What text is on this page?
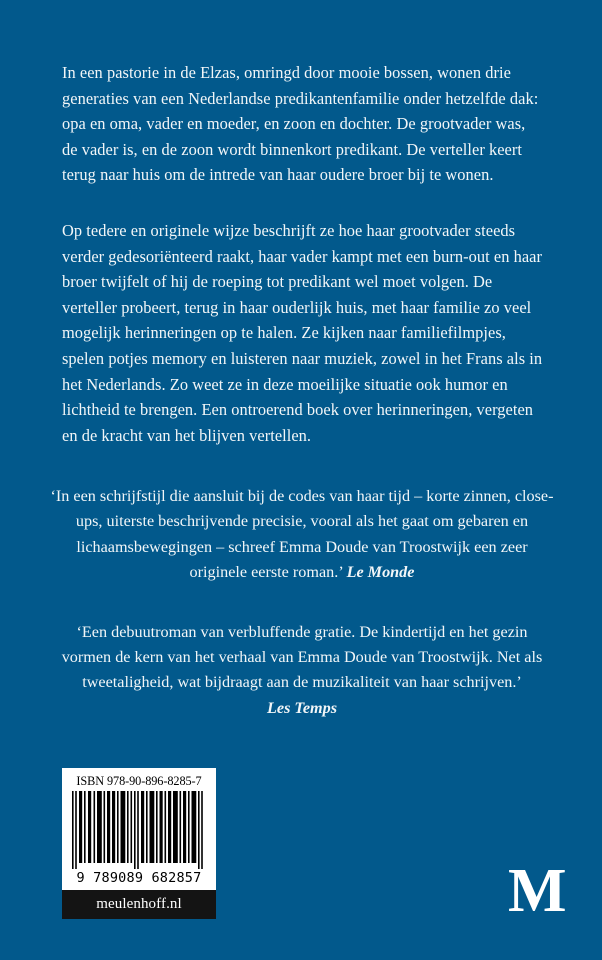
In een pastorie in de Elzas, omringd door mooie bossen, wonen drie generaties van een Nederlandse predikantenfamilie onder hetzelfde dak: opa en oma, vader en moeder, en zoon en dochter. De grootvader was, de vader is, en de zoon wordt binnenkort predikant. De verteller keert terug naar huis om de intrede van haar oudere broer bij te wonen.

Op tedere en originele wijze beschrijft ze hoe haar grootvader steeds verder gedesoriënteerd raakt, haar vader kampt met een burn-out en haar broer twijfelt of hij de roeping tot predikant wel moet volgen. De verteller probeert, terug in haar ouderlijk huis, met haar familie zo veel mogelijk herinneringen op te halen. Ze kijken naar familiefilmpjes, spelen potjes memory en luisteren naar muziek, zowel in het Frans als in het Nederlands. Zo weet ze in deze moeilijke situatie ook humor en lichtheid te brengen. Een ontroerend boek over herinneringen, vergeten en de kracht van het blijven vertellen.

‘In een schrijfstijl die aansluit bij de codes van haar tijd – korte zinnen, close-ups, uiterste beschrijvende precisie, vooral als het gaat om gebaren en lichaamsbewegingen – schreef Emma Doude van Troostwijk een zeer originele eerste roman.’ Le Monde

‘Een debuutroman van verbluffende gratie. De kindertijd en het gezin vormen de kern van het verhaal van Emma Doude van Troostwijk. Net als tweetaligheid, wat bijdraagt aan de muzikaliteit van haar schrijven.’ Les Temps

ISBN 978-90-896-8285-7
9 789089 682857
meulenhoff.nl	M
